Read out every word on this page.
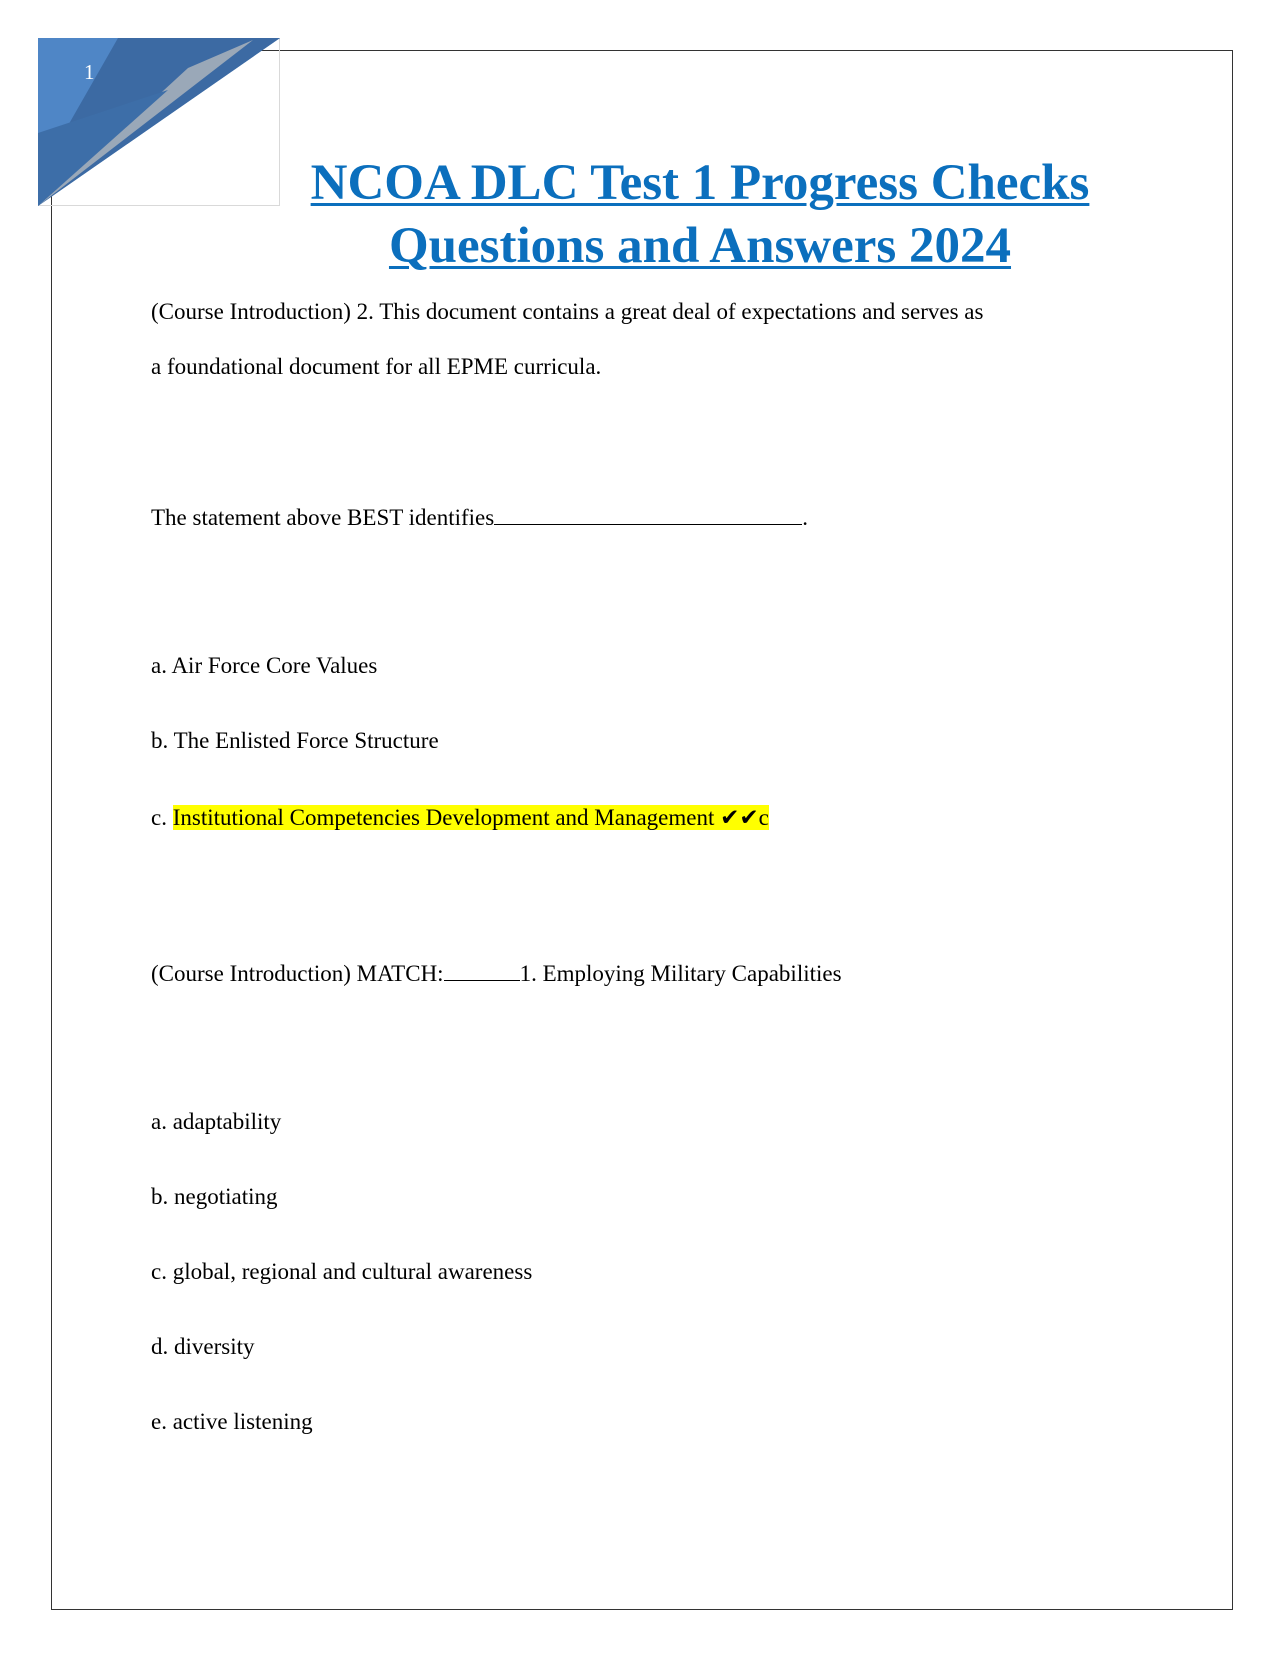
1
NCOA DLC Test 1 Progress Checks
Questions and Answers 2024

(Course Introduction) 2. This document contains a great deal of expectations and serves as

a foundational document for all EPME curricula.

The statement above BEST identifies	.

a. Air Force Core Values

b. The Enlisted Force Structure

c. Institutional Competencies Development and Management ✔✔c

(Course Introduction) MATCH:	1. Employing Military Capabilities

a. adaptability

b. negotiating

c. global, regional and cultural awareness

d. diversity

e. active listening
